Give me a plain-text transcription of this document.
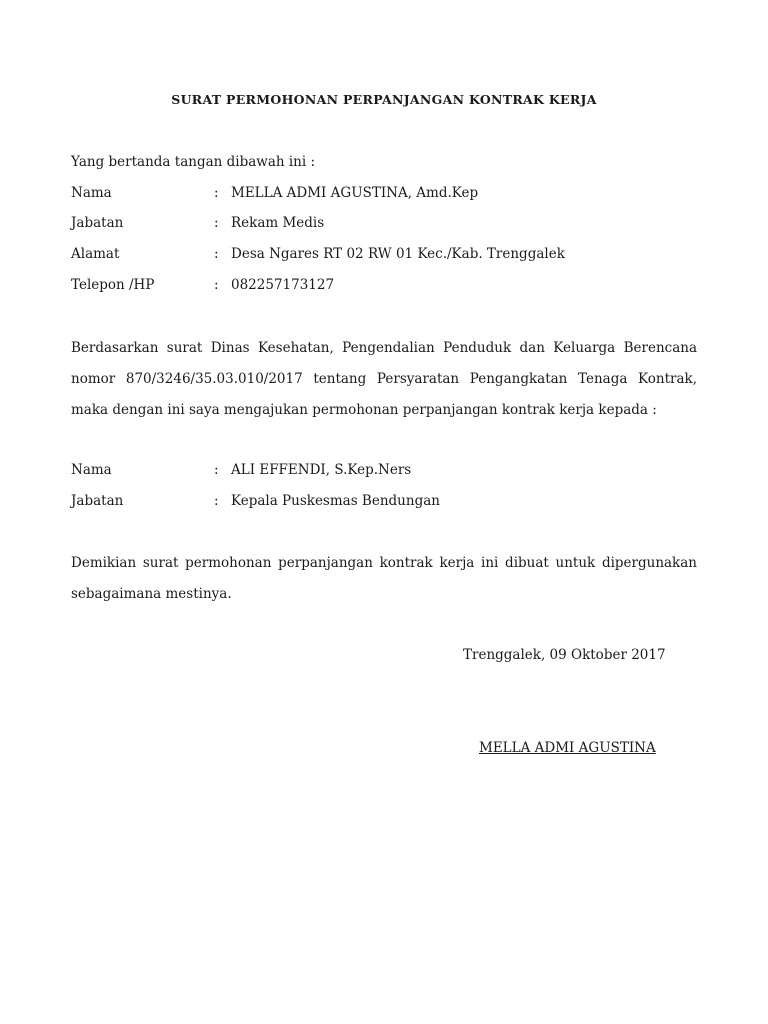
SURAT PERMOHONAN PERPANJANGAN KONTRAK KERJA
Yang bertanda tangan dibawah ini :
Nama	: MELLA ADMI AGUSTINA, Amd.Kep
Jabatan	: Rekam Medis
Alamat	: Desa Ngares RT 02 RW 01 Kec./Kab. Trenggalek
Telepon /HP	: 082257173127

Berdasarkan surat Dinas Kesehatan, Pengendalian Penduduk dan Keluarga Berencana nomor 870/3246/35.03.010/2017 tentang Persyaratan Pengangkatan Tenaga Kontrak, maka dengan ini saya mengajukan permohonan perpanjangan kontrak kerja kepada :

Nama	: ALI EFFENDI, S.Kep.Ners
Jabatan	: Kepala Puskesmas Bendungan

Demikian surat permohonan perpanjangan kontrak kerja ini dibuat untuk dipergunakan sebagaimana mestinya.

Trenggalek, 09 Oktober 2017
MELLA ADMI AGUSTINA
